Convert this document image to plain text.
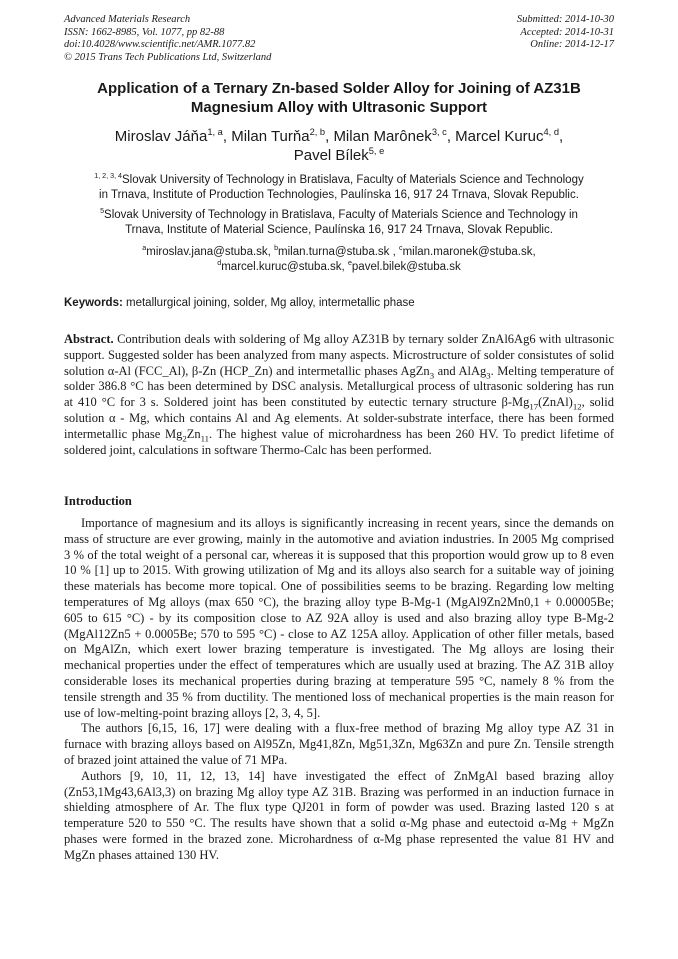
Advanced Materials Research
ISSN: 1662-8985, Vol. 1077, pp 82-88
doi:10.4028/www.scientific.net/AMR.1077.82
© 2015 Trans Tech Publications Ltd, Switzerland
Submitted: 2014-10-30
Accepted: 2014-10-31
Online: 2014-12-17
Application of a Ternary Zn-based Solder Alloy for Joining of AZ31B
Magnesium Alloy with Ultrasonic Support
Miroslav Jáňa$^{1, a}$, Milan Turňa$^{2, b}$, Milan Marônek$^{3, c}$, Marcel Kuruc$^{4, d}$,
Pavel Bílek$^{5, e}$
$^{1, 2, 3, 4}$Slovak University of Technology in Bratislava, Faculty of Materials Science and Technology
in Trnava, Institute of Production Technologies, Paulínska 16, 917 24 Trnava, Slovak Republic.
$^5$Slovak University of Technology in Bratislava, Faculty of Materials Science and Technology in
Trnava, Institute of Material Science, Paulínska 16, 917 24 Trnava, Slovak Republic.
$^a$miroslav.jana@stuba.sk, $^b$milan.turna@stuba.sk , $^c$milan.maronek@stuba.sk,
$^d$marcel.kuruc@stuba.sk, $^e$pavel.bilek@stuba.sk
Keywords: metallurgical joining, solder, Mg alloy, intermetallic phase
Abstract. Contribution deals with soldering of Mg alloy AZ31B by ternary solder ZnAl6Ag6 with ultrasonic support. Suggested solder has been analyzed from many aspects. Microstructure of solder consistutes of solid solution α-Al (FCC_Al), β-Zn (HCP_Zn) and intermetallic phases AgZn$_3$ and AlAg$_3$. Melting temperature of solder 386.8 °C has been determined by DSC analysis. Metallurgical process of ultrasonic soldering has run at 410 °C for 3 s. Soldered joint has been constituted by eutectic ternary structure $\beta-Mg_{17}(ZnAl)_{12}$, solid solution α - Mg, which contains Al and Ag elements. At solder-substrate interface, there has been formed intermetallic phase $Mg_2Zn_{11}$. The highest value of microhardness has been 260 HV. To predict lifetime of soldered joint, calculations in software Thermo-Calc has been performed.
Introduction

Importance of magnesium and its alloys is significantly increasing in recent years, since the demands on mass of structure are ever growing, mainly in the automotive and aviation industries. In 2005 Mg comprised 3 % of the total weight of a personal car, whereas it is supposed that this proportion would grow up to 8 even 10 % [1] up to 2015. With growing utilization of Mg and its alloys also search for a suitable way of joining these materials has become more topical. One of possibilities seems to be brazing. Regarding low melting temperatures of Mg alloys (max 650 °C), the brazing alloy type B-Mg-1 (MgAl9Zn2Mn0,1 + 0.00005Be; 605 to 615 °C) - by its composition close to AZ 92A alloy is used and also brazing alloy type B-Mg-2 (MgAl12Zn5 + 0.0005Be; 570 to 595 °C) - close to AZ 125A alloy. Application of other filler metals, based on MgAlZn, which exert lower brazing temperature is investigated. The Mg alloys are losing their mechanical properties under the effect of temperatures which are usually used at brazing. The AZ 31B alloy considerable loses its mechanical properties during brazing at temperature 595 °C, namely 8 % from the tensile strength and 35 % from ductility. The mentioned loss of mechanical properties is the main reason for use of low-melting-point brazing alloys [2, 3, 4, 5].

The authors [6,15, 16, 17] were dealing with a flux-free method of brazing Mg alloy type AZ 31 in furnace with brazing alloys based on Al95Zn, Mg41,8Zn, Mg51,3Zn, Mg63Zn and pure Zn. Tensile strength of brazed joint attained the value of 71 MPa.

Authors [9, 10, 11, 12, 13, 14] have investigated the effect of ZnMgAl based brazing alloy (Zn53,1Mg43,6Al3,3) on brazing Mg alloy type AZ 31B. Brazing was performed in an induction furnace in shielding atmosphere of Ar. The flux type QJ201 in form of powder was used. Brazing lasted 120 s at temperature 520 to 550 °C. The results have shown that a solid α-Mg phase and eutectoid α-Mg + MgZn phases were formed in the brazed zone. Microhardness of α-Mg phase represented the value 81 HV and MgZn phases attained 130 HV.
